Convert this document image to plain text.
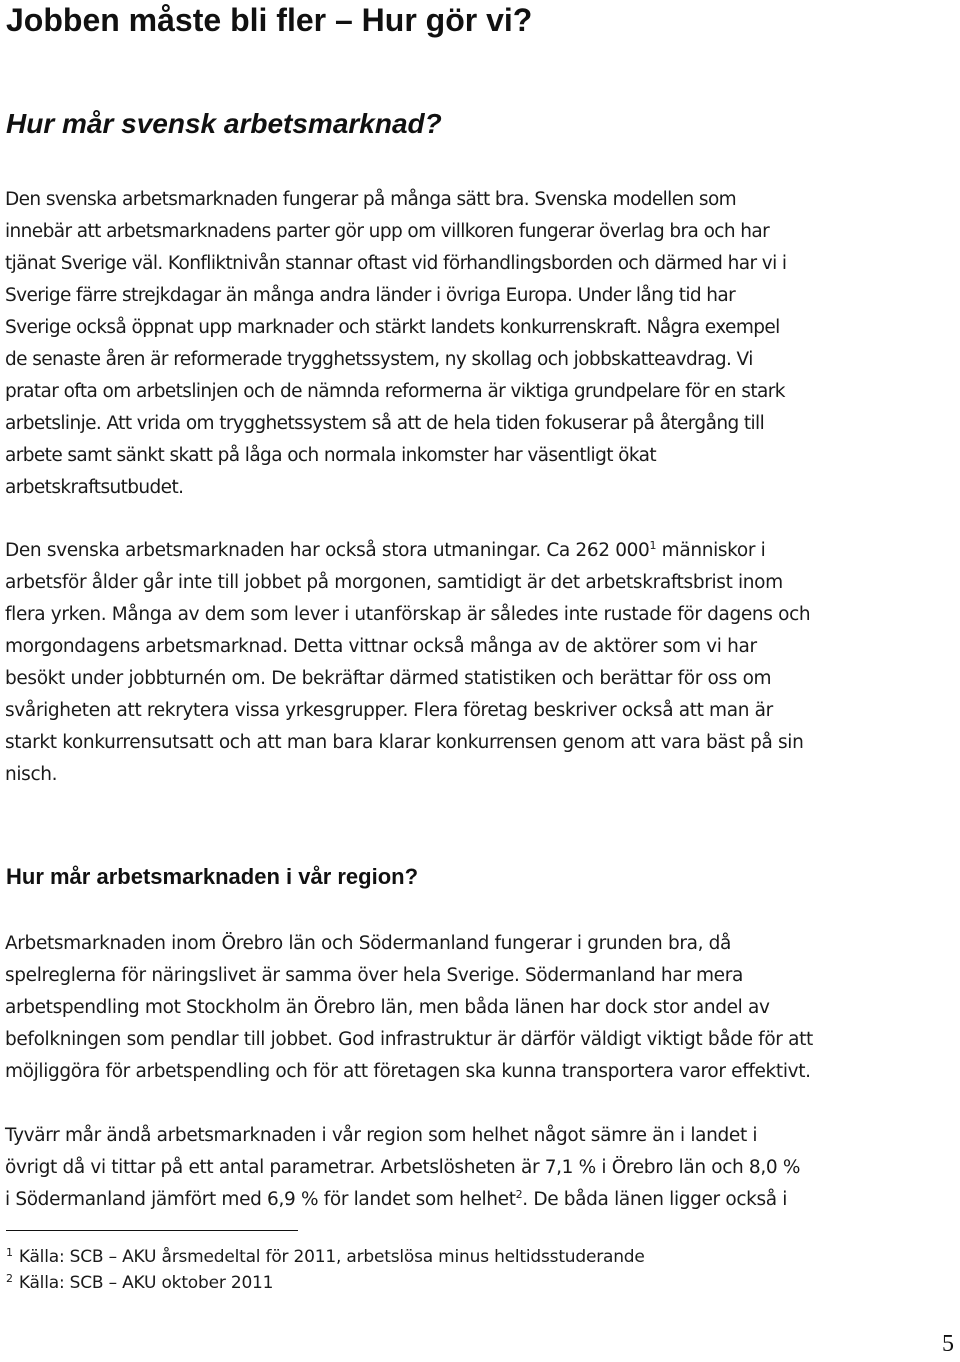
Jobben måste bli fler – Hur gör vi?
Hur mår svensk arbetsmarknad?

Den svenska arbetsmarknaden fungerar på många sätt bra. Svenska modellen som
innebär att arbetsmarknadens parter gör upp om villkoren fungerar överlag bra och har
tjänat Sverige väl. Konfliktnivån stannar oftast vid förhandlingsborden och därmed har vi i
Sverige färre strejkdagar än många andra länder i övriga Europa. Under lång tid har
Sverige också öppnat upp marknader och stärkt landets konkurrenskraft. Några exempel
de senaste åren är reformerade trygghetssystem, ny skollag och jobbskatteavdrag. Vi
pratar ofta om arbetslinjen och de nämnda reformerna är viktiga grundpelare för en stark
arbetslinje. Att vrida om trygghetssystem så att de hela tiden fokuserar på återgång till
arbete samt sänkt skatt på låga och normala inkomster har väsentligt ökat
arbetskraftsutbudet.

Den svenska arbetsmarknaden har också stora utmaningar. Ca 262 $000^1$ människor i
arbetsför ålder går inte till jobbet på morgonen, samtidigt är det arbetskraftsbrist inom
flera yrken. Många av dem som lever i utanförskap är således inte rustade för dagens och
morgondagens arbetsmarknad. Detta vittnar också många av de aktörer som vi har
besökt under jobbturnén om. De bekräftar därmed statistiken och berättar för oss om
svårigheten att rekrytera vissa yrkesgrupper. Flera företag beskriver också att man är
starkt konkurrensutsatt och att man bara klarar konkurrensen genom att vara bäst på sin
nisch.

Hur mår arbetsmarknaden i vår region?

Arbetsmarknaden inom Örebro län och Södermanland fungerar i grunden bra, då
spelreglerna för näringslivet är samma över hela Sverige. Södermanland har mera
arbetspendling mot Stockholm än Örebro län, men båda länen har dock stor andel av
befolkningen som pendlar till jobbet. God infrastruktur är därför väldigt viktigt både för att
möjliggöra för arbetspendling och för att företagen ska kunna transportera varor effektivt.

Tyvärr mår ändå arbetsmarknaden i vår region som helhet något sämre än i landet i
övrigt då vi tittar på ett antal parametrar. Arbetslösheten är 7,1 % i Örebro län och 8,0 %
i Södermanland jämfört med 6,9 % för landet som helhet$^2$. De båda länen ligger också i

$^1$ Källa: SCB – AKU årsmedeltal för 2011, arbetslösa minus heltidsstuderande
$^2$ Källa: SCB – AKU oktober 2011
5
